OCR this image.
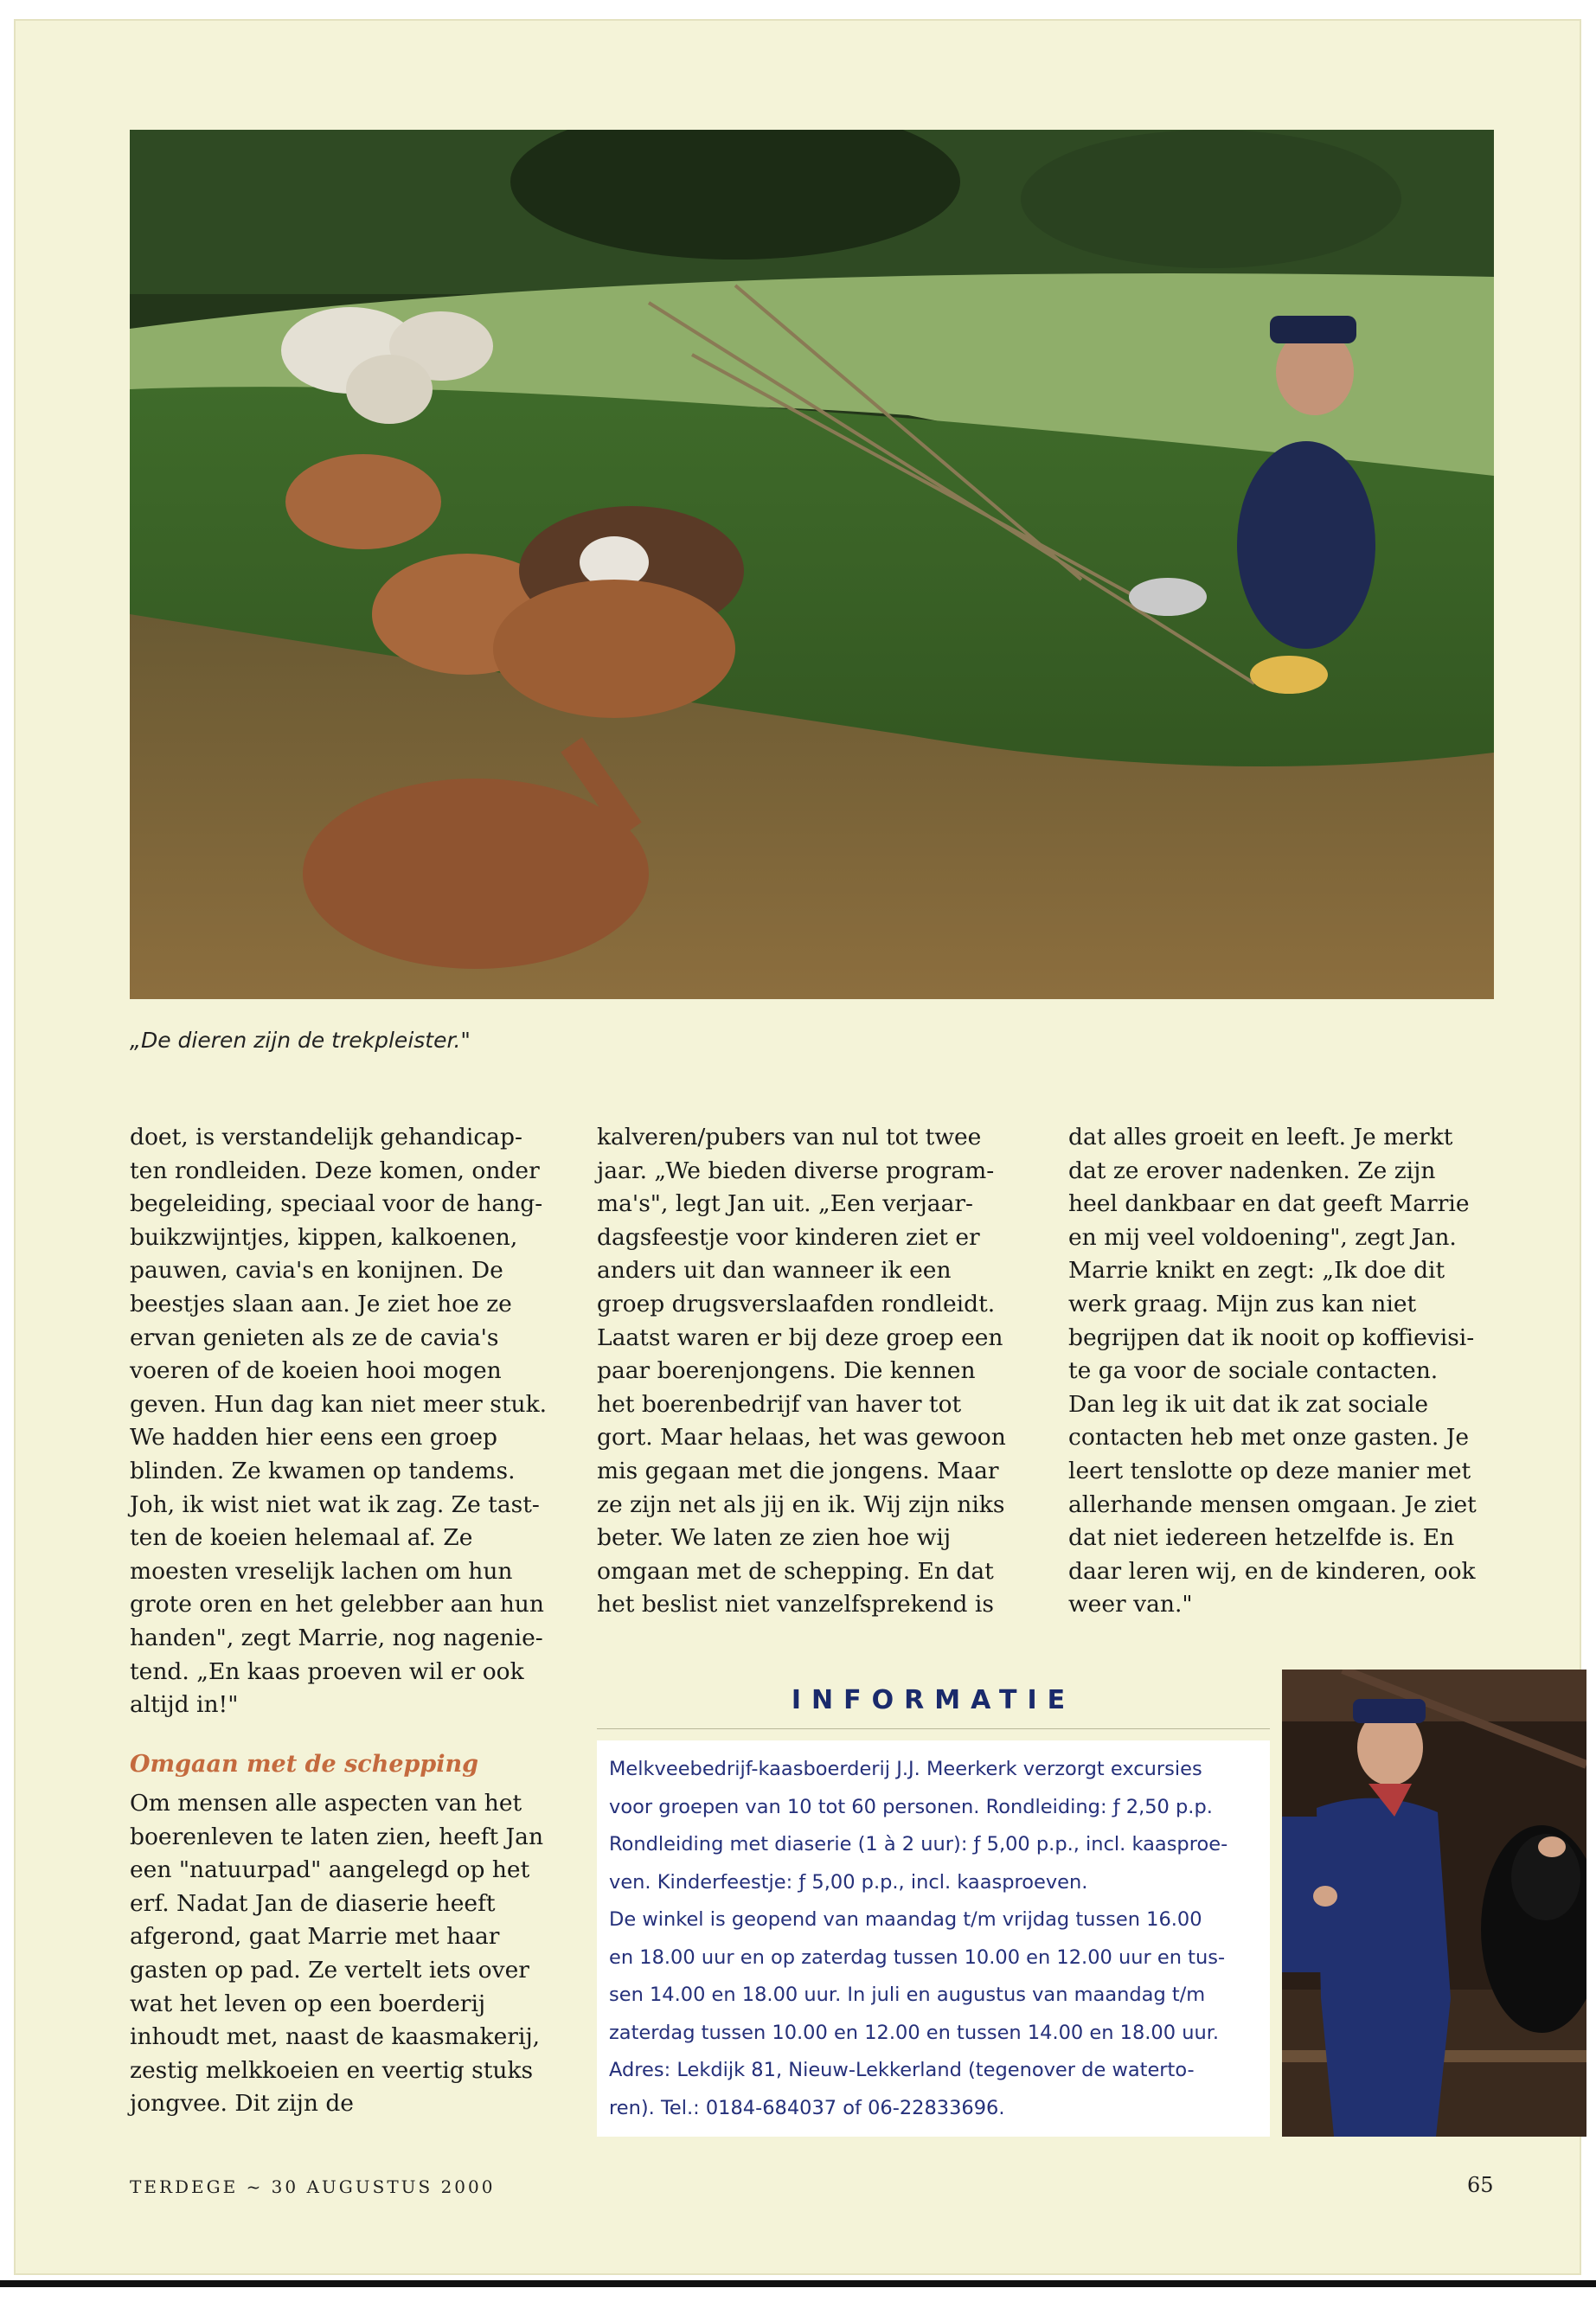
„De dieren zijn de trekpleister."

doet, is verstandelijk gehandicap-

ten rondleiden. Deze komen, onder

begeleiding, speciaal voor de hang-

buikzwijntjes, kippen, kalkoenen,

pauwen, cavia's en konijnen. De

beestjes slaan aan. Je ziet hoe ze

ervan genieten als ze de cavia's

voeren of de koeien hooi mogen

geven. Hun dag kan niet meer stuk.

We hadden hier eens een groep

blinden. Ze kwamen op tandems.

Joh, ik wist niet wat ik zag. Ze tast-

ten de koeien helemaal af. Ze

moesten vreselijk lachen om hun

grote oren en het gelebber aan hun

handen", zegt Marrie, nog nagenie-

tend. „En kaas proeven wil er ook

altijd in!"

Omgaan met de schepping

Om mensen alle aspecten van het

boerenleven te laten zien, heeft Jan

een "natuurpad" aangelegd op het

erf. Nadat Jan de diaserie heeft

afgerond, gaat Marrie met haar

gasten op pad. Ze vertelt iets over

wat het leven op een boerderij

inhoudt met, naast de kaasmakerij,

zestig melkkoeien en veertig stuks

jongvee. Dit zijn de

kalveren/pubers van nul tot twee

jaar. „We bieden diverse program-

ma's", legt Jan uit. „Een verjaar-

dagsfeestje voor kinderen ziet er

anders uit dan wanneer ik een

groep drugsverslaafden rondleidt.

Laatst waren er bij deze groep een

paar boerenjongens. Die kennen

het boerenbedrijf van haver tot

gort. Maar helaas, het was gewoon

mis gegaan met die jongens. Maar

ze zijn net als jij en ik. Wij zijn niks

beter. We laten ze zien hoe wij

omgaan met de schepping. En dat

het beslist niet vanzelfsprekend is

dat alles groeit en leeft. Je merkt

dat ze erover nadenken. Ze zijn

heel dankbaar en dat geeft Marrie

en mij veel voldoening", zegt Jan.

Marrie knikt en zegt: „Ik doe dit

werk graag. Mijn zus kan niet

begrijpen dat ik nooit op koffievisi-

te ga voor de sociale contacten.

Dan leg ik uit dat ik zat sociale

contacten heb met onze gasten. Je

leert tenslotte op deze manier met

allerhande mensen omgaan. Je ziet

dat niet iedereen hetzelfde is. En

daar leren wij, en de kinderen, ook

weer van."

INFORMATIE

Melkveebedrijf-kaasboerderij J.J. Meerkerk verzorgt excursies

voor groepen van 10 tot 60 personen. Rondleiding: ƒ 2,50 p.p.

Rondleiding met diaserie (1 à 2 uur): ƒ 5,00 p.p., incl. kaasproe-

ven. Kinderfeestje: ƒ 5,00 p.p., incl. kaasproeven.

De winkel is geopend van maandag t/m vrijdag tussen 16.00

en 18.00 uur en op zaterdag tussen 10.00 en 12.00 uur en tus-

sen 14.00 en 18.00 uur. In juli en augustus van maandag t/m

zaterdag tussen 10.00 en 12.00 en tussen 14.00 en 18.00 uur.

Adres: Lekdijk 81, Nieuw-Lekkerland (tegenover de waterto-

ren). Tel.: 0184-684037 of 06-22833696.

TERDEGE ~ 30 AUGUSTUS 2000	65
